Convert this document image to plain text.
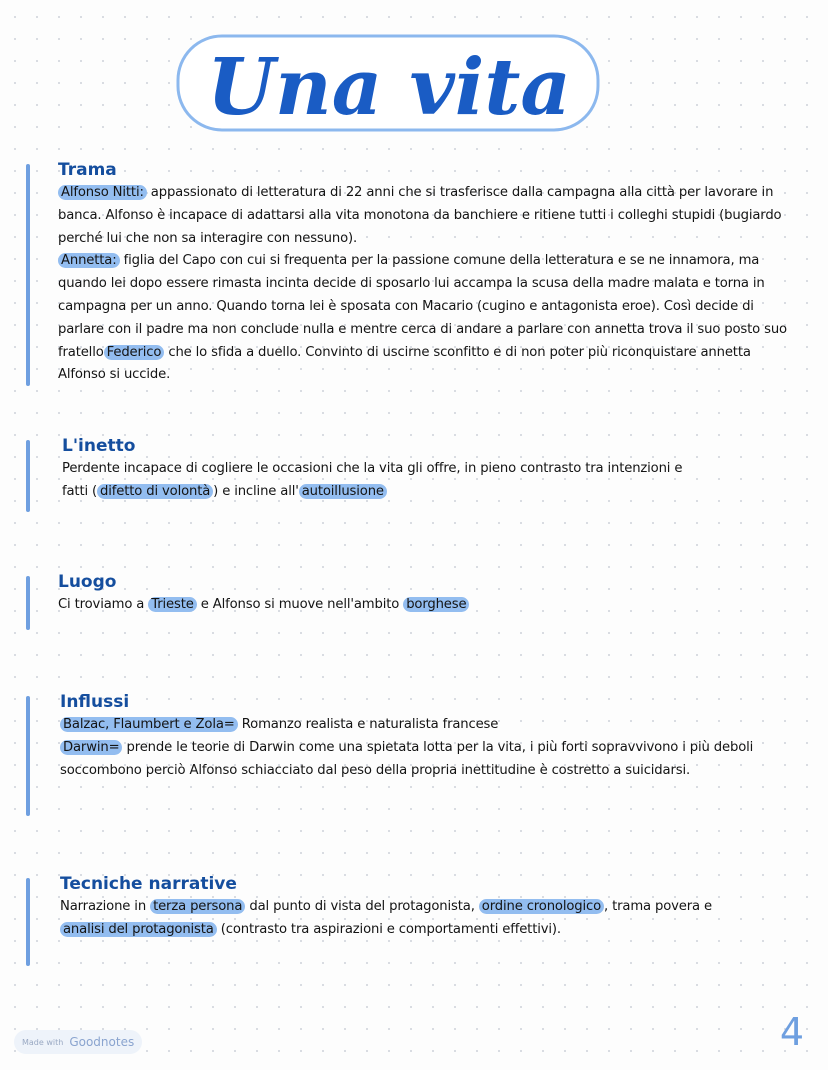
Una vita
Trama

Alfonso Nitti: appassionato di letteratura di 22 anni che si trasferisce dalla campagna alla città per lavorare in banca. Alfonso è incapace di adattarsi alla vita monotona da banchiere e ritiene tutti i colleghi stupidi (bugiardo perché lui che non sa interagire con nessuno).
Annetta: figlia del Capo con cui si frequenta per la passione comune della letteratura e se ne innamora, ma quando lei dopo essere rimasta incinta decide di sposarlo lui accampa la scusa della madre malata e torna in campagna per un anno. Quando torna lei è sposata con Macario (cugino e antagonista eroe). Così decide di parlare con il padre ma non conclude nulla e mentre cerca di andare a parlare con annetta trova il suo posto suo fratello Federico che lo sfida a duello. Convinto di uscirne sconfitto e di non poter più riconquistare annetta Alfonso si uccide.

L'inetto

Perdente incapace di cogliere le occasioni che la vita gli offre, in pieno contrasto tra intenzioni e fatti ( difetto di volontà ) e incline all' autoillusione

Luogo

Ci troviamo a Trieste e Alfonso si muove nell'ambito borghese

Influssi

Balzac, Flaumbert e Zola= Romanzo realista e naturalista francese
Darwin= prende le teorie di Darwin come una spietata lotta per la vita, i più forti sopravvivono i più deboli soccombono perciò Alfonso schiacciato dal peso della propria inettitudine è costretto a suicidarsi.

Tecniche narrative

Narrazione in terza persona dal punto di vista del protagonista, ordine cronologico , trama povera e analisi del protagonista (contrasto tra aspirazioni e comportamenti effettivi).

Made with Goodnotes	4
